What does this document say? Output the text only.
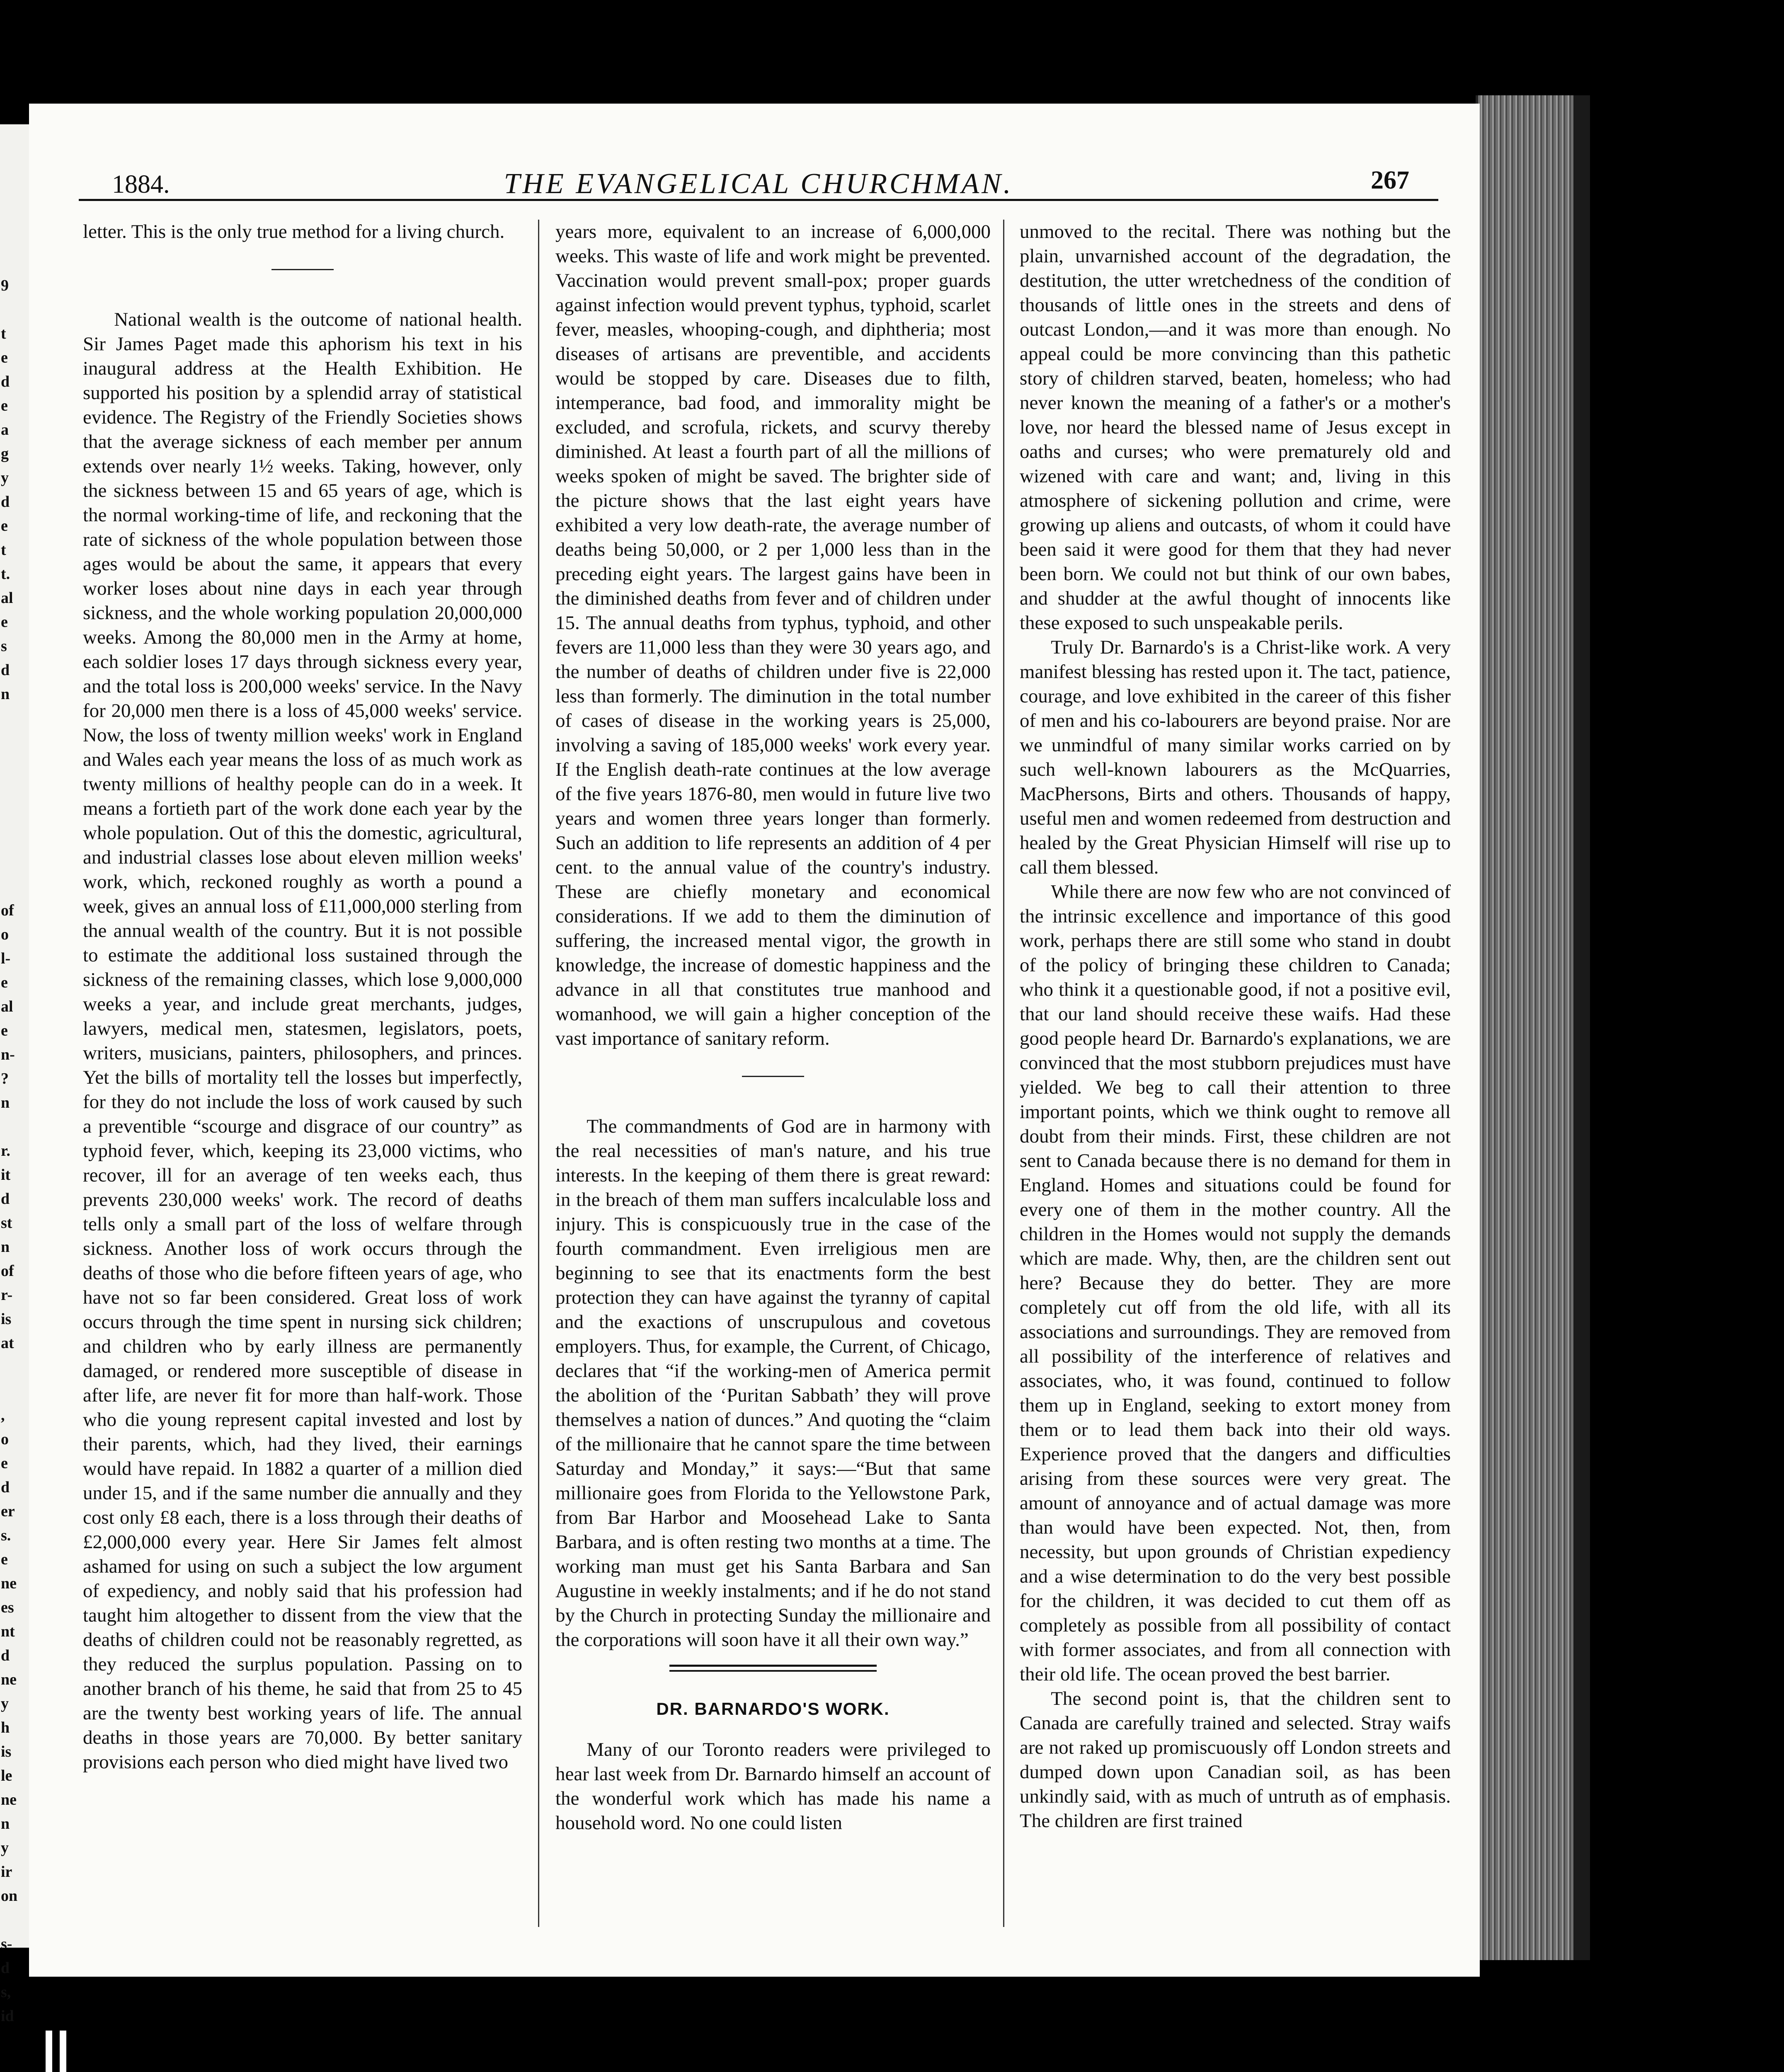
9

t
e
d
e
a
g
y
d
e
t
t.
al
e
s
d
n

of
o
l-
e
al
e
n-
?
n

r.
it
d
st
n
of
r-
is
at

,
o
e
d
er
s.
e
ne
es
nt
d
ne
y
h
is
le
ne
n
y
ir
on

s-
d
s,
id
1884.	THE EVANGELICAL CHURCHMAN.	267

letter. This is the only true method for a living church.

National wealth is the outcome of national health. Sir James Paget made this aphorism his text in his inaugural address at the Health Exhibition. He supported his position by a splendid array of statistical evidence. The Registry of the Friendly Societies shows that the average sickness of each member per annum extends over nearly 1½ weeks. Taking, however, only the sickness between 15 and 65 years of age, which is the normal working-time of life, and reckoning that the rate of sickness of the whole population between those ages would be about the same, it appears that every worker loses about nine days in each year through sickness, and the whole working population 20,000,000 weeks. Among the 80,000 men in the Army at home, each soldier loses 17 days through sickness every year, and the total loss is 200,000 weeks' service. In the Navy for 20,000 men there is a loss of 45,000 weeks' service. Now, the loss of twenty million weeks' work in England and Wales each year means the loss of as much work as twenty millions of healthy people can do in a week. It means a fortieth part of the work done each year by the whole population. Out of this the domestic, agricultural, and industrial classes lose about eleven million weeks' work, which, reckoned roughly as worth a pound a week, gives an annual loss of £11,000,000 sterling from the annual wealth of the country. But it is not possible to estimate the additional loss sustained through the sickness of the remaining classes, which lose 9,000,000 weeks a year, and include great merchants, judges, lawyers, medical men, statesmen, legislators, poets, writers, musicians, painters, philosophers, and princes. Yet the bills of mortality tell the losses but imperfectly, for they do not include the loss of work caused by such a preventible “scourge and disgrace of our country” as typhoid fever, which, keeping its 23,000 victims, who recover, ill for an average of ten weeks each, thus prevents 230,000 weeks' work. The record of deaths tells only a small part of the loss of welfare through sickness. Another loss of work occurs through the deaths of those who die before fifteen years of age, who have not so far been considered. Great loss of work occurs through the time spent in nursing sick children; and children who by early illness are permanently damaged, or rendered more susceptible of disease in after life, are never fit for more than half-work. Those who die young represent capital invested and lost by their parents, which, had they lived, their earnings would have repaid. In 1882 a quarter of a million died under 15, and if the same number die annually and they cost only £8 each, there is a loss through their deaths of £2,000,000 every year. Here Sir James felt almost ashamed for using on such a subject the low argument of expediency, and nobly said that his profession had taught him altogether to dissent from the view that the deaths of children could not be reasonably regretted, as they reduced the surplus population. Passing on to another branch of his theme, he said that from 25 to 45 are the twenty best working years of life. The annual deaths in those years are 70,000. By better sanitary provisions each person who died might have lived two

years more, equivalent to an increase of 6,000,000 weeks. This waste of life and work might be prevented. Vaccination would prevent small-pox; proper guards against infection would prevent typhus, typhoid, scarlet fever, measles, whooping-cough, and diphtheria; most diseases of artisans are preventible, and accidents would be stopped by care. Diseases due to filth, intemperance, bad food, and immorality might be excluded, and scrofula, rickets, and scurvy thereby diminished. At least a fourth part of all the millions of weeks spoken of might be saved. The brighter side of the picture shows that the last eight years have exhibited a very low death-rate, the average number of deaths being 50,000, or 2 per 1,000 less than in the preceding eight years. The largest gains have been in the diminished deaths from fever and of children under 15. The annual deaths from typhus, typhoid, and other fevers are 11,000 less than they were 30 years ago, and the number of deaths of children under five is 22,000 less than formerly. The diminution in the total number of cases of disease in the working years is 25,000, involving a saving of 185,000 weeks' work every year. If the English death-rate continues at the low average of the five years 1876-80, men would in future live two years and women three years longer than formerly. Such an addition to life represents an addition of 4 per cent. to the annual value of the country's industry. These are chiefly monetary and economical considerations. If we add to them the diminution of suffering, the increased mental vigor, the growth in knowledge, the increase of domestic happiness and the advance in all that constitutes true manhood and womanhood, we will gain a higher conception of the vast importance of sanitary reform.

The commandments of God are in harmony with the real necessities of man's nature, and his true interests. In the keeping of them there is great reward: in the breach of them man suffers incalculable loss and injury. This is conspicuously true in the case of the fourth commandment. Even irreligious men are beginning to see that its enactments form the best protection they can have against the tyranny of capital and the exactions of unscrupulous and covetous employers. Thus, for example, the Current, of Chicago, declares that “if the working-men of America permit the abolition of the ‘Puritan Sabbath’ they will prove themselves a nation of dunces.” And quoting the “claim of the millionaire that he cannot spare the time between Saturday and Monday,” it says:—“But that same millionaire goes from Florida to the Yellowstone Park, from Bar Harbor and Moosehead Lake to Santa Barbara, and is often resting two months at a time. The working man must get his Santa Barbara and San Augustine in weekly instalments; and if he do not stand by the Church in protecting Sunday the millionaire and the corporations will soon have it all their own way.”

DR. BARNARDO'S WORK.

Many of our Toronto readers were privileged to hear last week from Dr. Barnardo himself an account of the wonderful work which has made his name a household word. No one could listen

unmoved to the recital. There was nothing but the plain, unvarnished account of the degradation, the destitution, the utter wretchedness of the condition of thousands of little ones in the streets and dens of outcast London,—and it was more than enough. No appeal could be more convincing than this pathetic story of children starved, beaten, homeless; who had never known the meaning of a father's or a mother's love, nor heard the blessed name of Jesus except in oaths and curses; who were prematurely old and wizened with care and want; and, living in this atmosphere of sickening pollution and crime, were growing up aliens and outcasts, of whom it could have been said it were good for them that they had never been born. We could not but think of our own babes, and shudder at the awful thought of innocents like these exposed to such unspeakable perils.

Truly Dr. Barnardo's is a Christ-like work. A very manifest blessing has rested upon it. The tact, patience, courage, and love exhibited in the career of this fisher of men and his co-labourers are beyond praise. Nor are we unmindful of many similar works carried on by such well-known labourers as the McQuarries, MacPhersons, Birts and others. Thousands of happy, useful men and women redeemed from destruction and healed by the Great Physician Himself will rise up to call them blessed.

While there are now few who are not convinced of the intrinsic excellence and importance of this good work, perhaps there are still some who stand in doubt of the policy of bringing these children to Canada; who think it a questionable good, if not a positive evil, that our land should receive these waifs. Had these good people heard Dr. Barnardo's explanations, we are convinced that the most stubborn prejudices must have yielded. We beg to call their attention to three important points, which we think ought to remove all doubt from their minds. First, these children are not sent to Canada because there is no demand for them in England. Homes and situations could be found for every one of them in the mother country. All the children in the Homes would not supply the demands which are made. Why, then, are the children sent out here? Because they do better. They are more completely cut off from the old life, with all its associations and surroundings. They are removed from all possibility of the interference of relatives and associates, who, it was found, continued to follow them up in England, seeking to extort money from them or to lead them back into their old ways. Experience proved that the dangers and difficulties arising from these sources were very great. The amount of annoyance and of actual damage was more than would have been expected. Not, then, from necessity, but upon grounds of Christian expediency and a wise determination to do the very best possible for the children, it was decided to cut them off as completely as possible from all possibility of contact with former associates, and from all connection with their old life. The ocean proved the best barrier.

The second point is, that the children sent to Canada are carefully trained and selected. Stray waifs are not raked up promiscuously off London streets and dumped down upon Canadian soil, as has been unkindly said, with as much of untruth as of emphasis. The children are first trained
